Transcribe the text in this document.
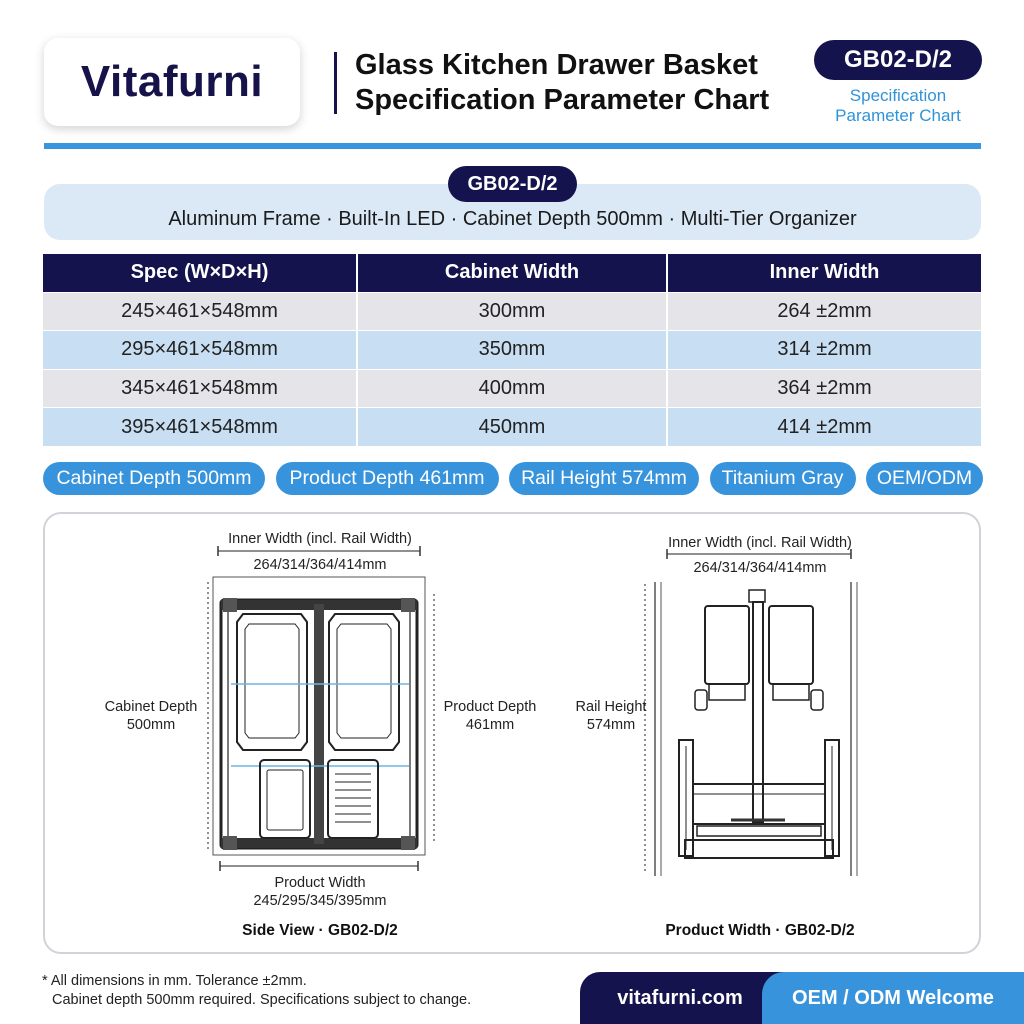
Vitafurni	Glass Kitchen Drawer Basket
Specification Parameter Chart
GB02-D/2
Specification
Parameter Chart
GB02-D/2
Aluminum Frame · Built-In LED · Cabinet Depth 500mm · Multi-Tier Organizer
Spec (W×D×H)	Cabinet Width	Inner Width
245×461×548mm	300mm	264 ±2mm
295×461×548mm	350mm	314 ±2mm
345×461×548mm	400mm	364 ±2mm
395×461×548mm	450mm	414 ±2mm
Cabinet Depth 500mm	Product Depth 461mm	Rail Height 574mm	Titanium Gray	OEM/ODM
Inner Width (incl. Rail Width)
264/314/364/414mm
Cabinet Depth
500mm
Product Depth
461mm
Product Width
245/295/345/395mm
Side View · GB02-D/2
Inner Width (incl. Rail Width)
264/314/364/414mm
Rail Height
574mm
Product Width · GB02-D/2
* All dimensions in mm. Tolerance ±2mm.
Cabinet depth 500mm required. Specifications subject to change.	vitafurni.com	OEM / ODM Welcome
